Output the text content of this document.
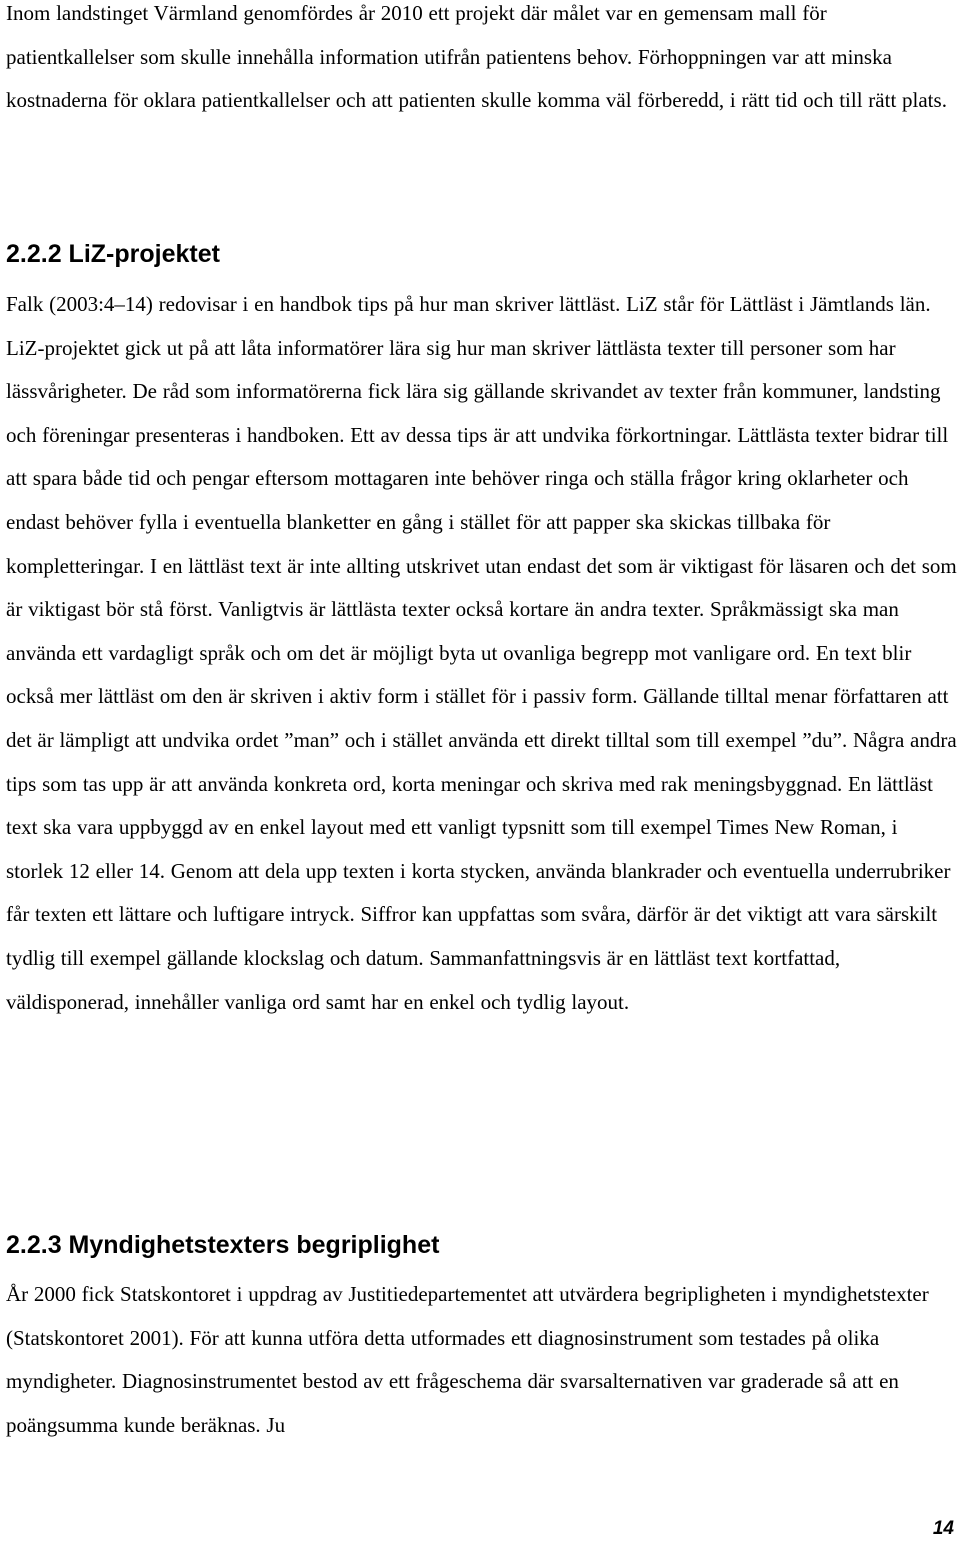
Inom landstinget Värmland genomfördes år 2010 ett projekt där målet var en gemensam mall för patientkallelser som skulle innehålla information utifrån patientens behov. Förhoppningen var att minska kostnaderna för oklara patientkallelser och att patienten skulle komma väl förberedd, i rätt tid och till rätt plats.

2.2.2 LiZ-projektet

Falk (2003:4–14) redovisar i en handbok tips på hur man skriver lättläst. LiZ står för Lättläst i Jämtlands län. LiZ-projektet gick ut på att låta informatörer lära sig hur man skriver lättlästa texter till personer som har lässvårigheter. De råd som informatörerna fick lära sig gällande skrivandet av texter från kommuner, landsting och föreningar presenteras i handboken. Ett av dessa tips är att undvika förkortningar. Lättlästa texter bidrar till att spara både tid och pengar eftersom mottagaren inte behöver ringa och ställa frågor kring oklarheter och endast behöver fylla i eventuella blanketter en gång i stället för att papper ska skickas tillbaka för kompletteringar. I en lättläst text är inte allting utskrivet utan endast det som är viktigast för läsaren och det som är viktigast bör stå först. Vanligtvis är lättlästa texter också kortare än andra texter. Språkmässigt ska man använda ett vardagligt språk och om det är möjligt byta ut ovanliga begrepp mot vanligare ord. En text blir också mer lättläst om den är skriven i aktiv form i stället för i passiv form. Gällande tilltal menar författaren att det är lämpligt att undvika ordet ”man” och i stället använda ett direkt tilltal som till exempel ”du”. Några andra tips som tas upp är att använda konkreta ord, korta meningar och skriva med rak meningsbyggnad. En lättläst text ska vara uppbyggd av en enkel layout med ett vanligt typsnitt som till exempel Times New Roman, i storlek 12 eller 14. Genom att dela upp texten i korta stycken, använda blankrader och eventuella underrubriker får texten ett lättare och luftigare intryck. Siffror kan uppfattas som svåra, därför är det viktigt att vara särskilt tydlig till exempel gällande klockslag och datum. Sammanfattningsvis är en lättläst text kortfattad, väldisponerad, innehåller vanliga ord samt har en enkel och tydlig layout.

2.2.3 Myndighetstexters begriplighet

År 2000 fick Statskontoret i uppdrag av Justitiedepartementet att utvärdera begripligheten i myndighetstexter (Statskontoret 2001). För att kunna utföra detta utformades ett diagnosinstrument som testades på olika myndigheter. Diagnosinstrumentet bestod av ett frågeschema där svarsalternativen var graderade så att en poängsumma kunde beräknas. Ju

14
